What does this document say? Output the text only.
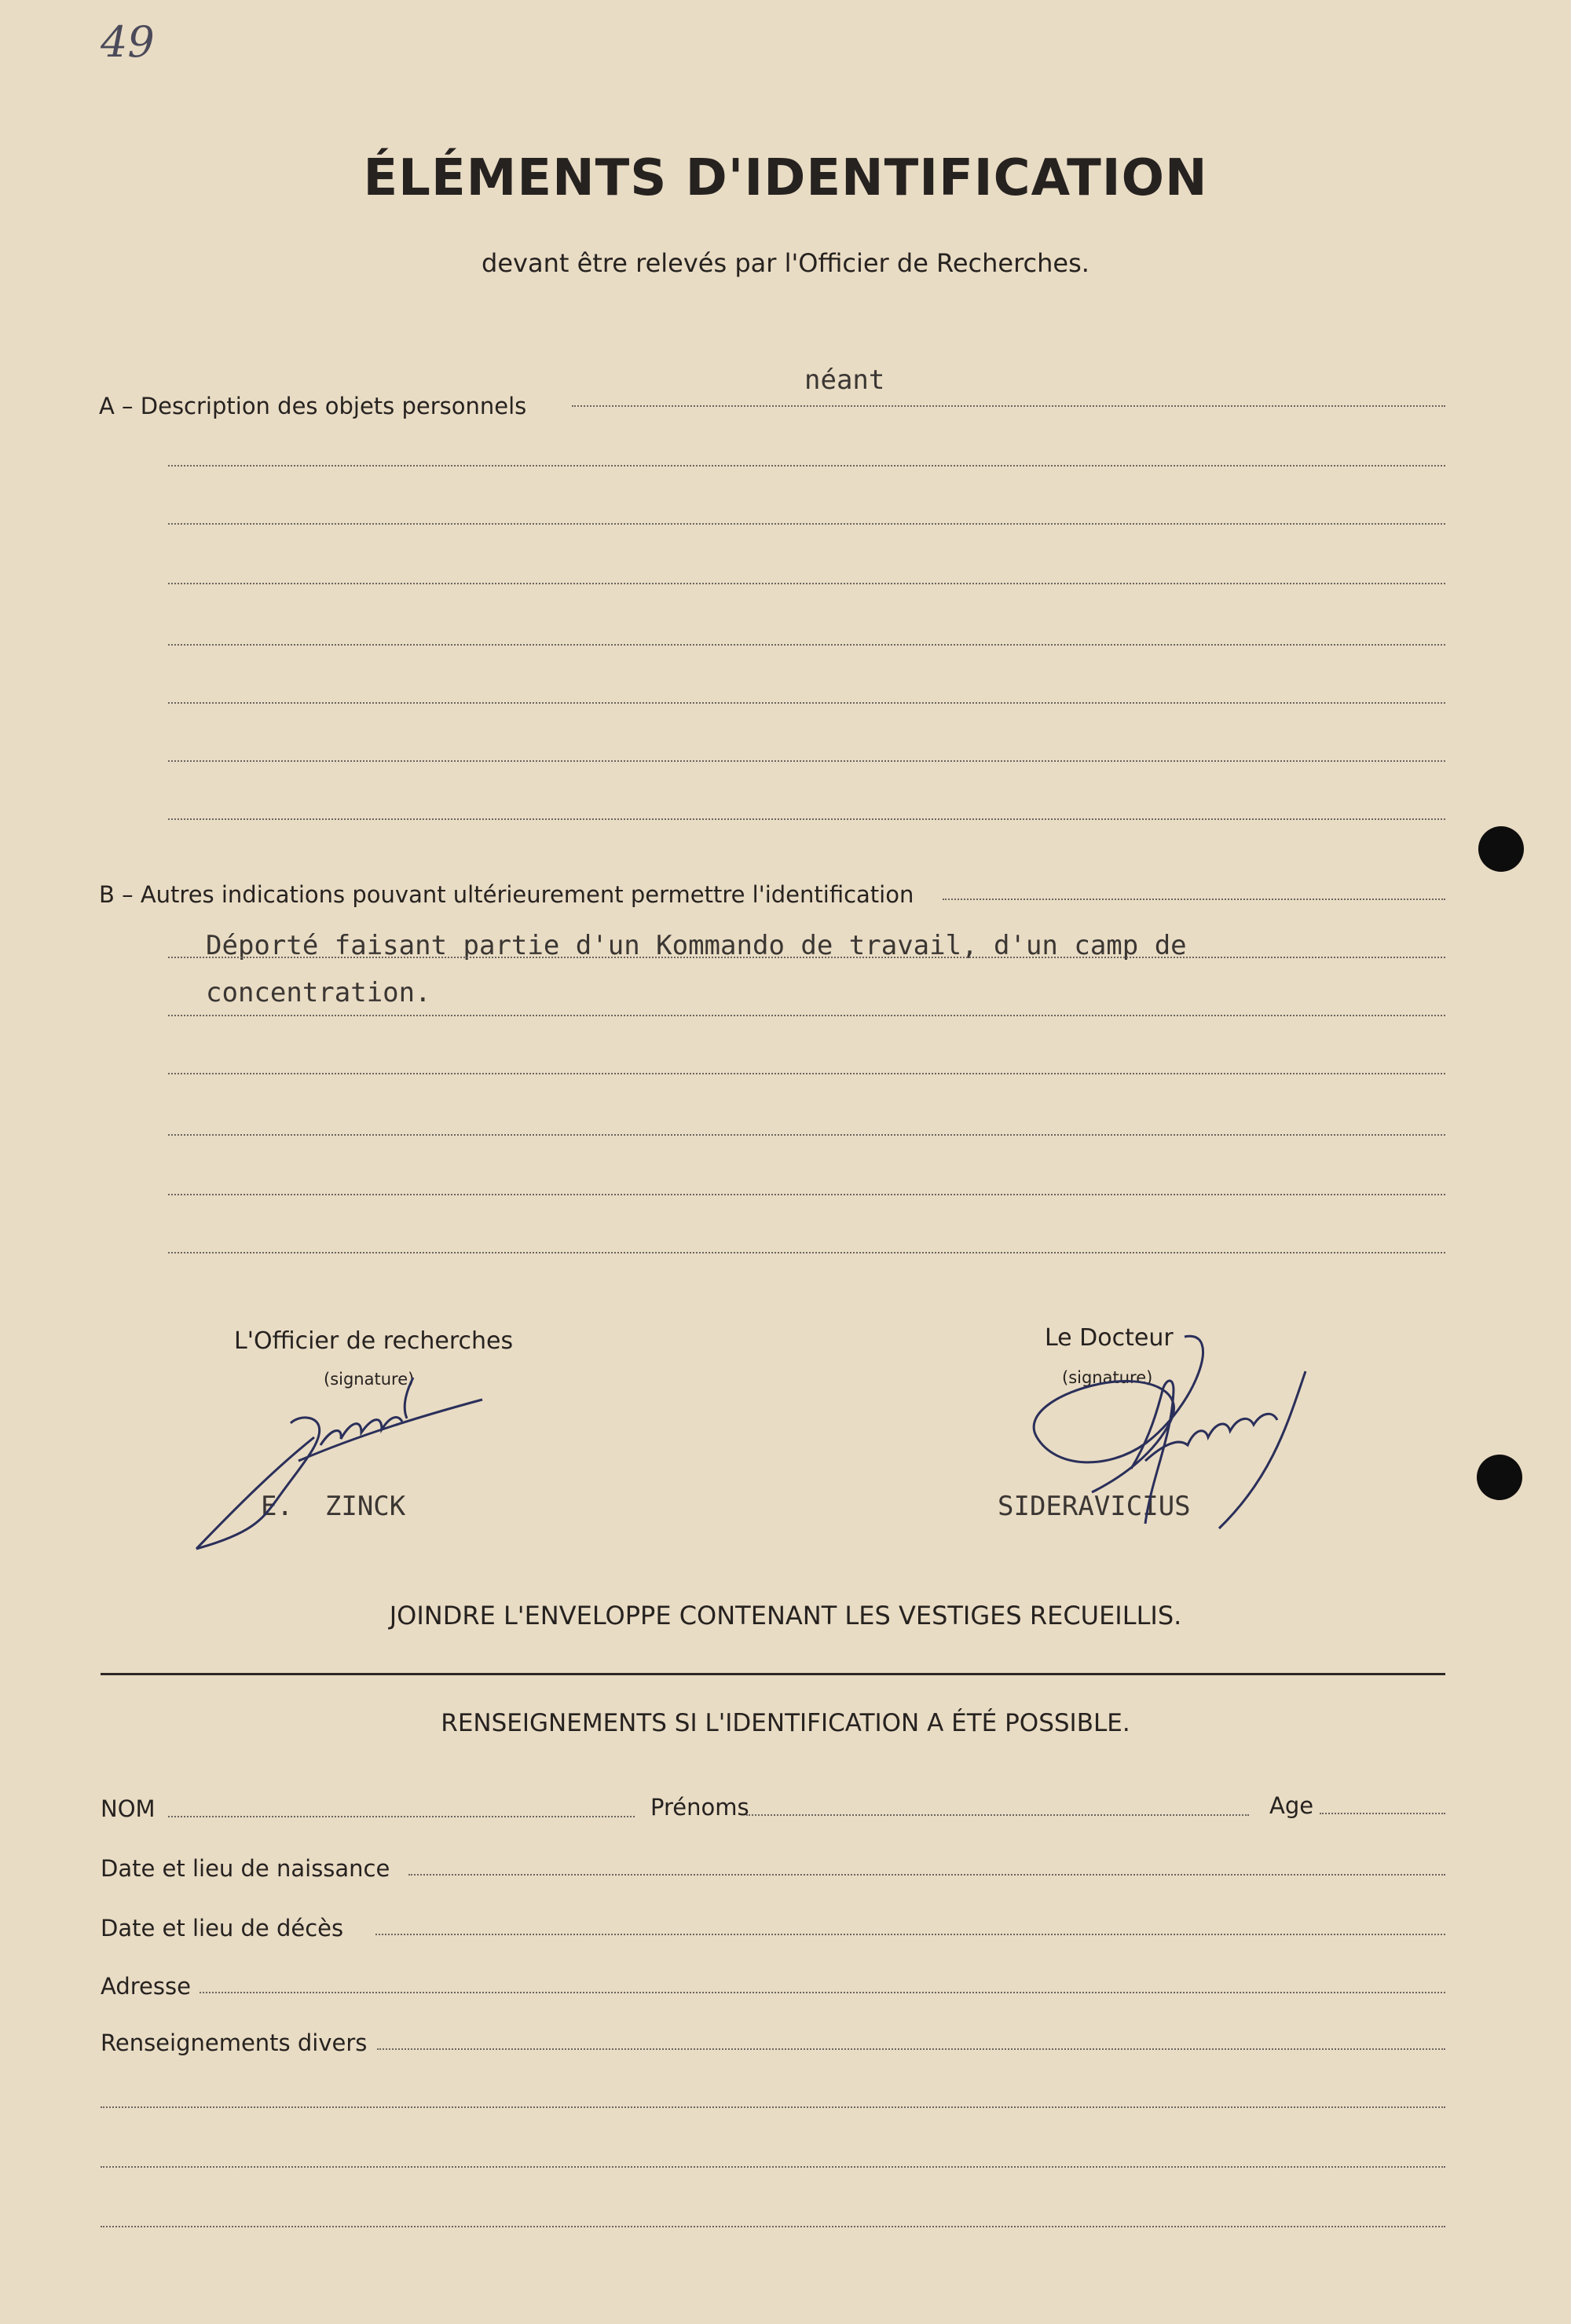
49
ÉLÉMENTS D'IDENTIFICATION
devant être relevés par l'Officier de Recherches.
A – Description des objets personnels
néant
B – Autres indications pouvant ultérieurement permettre l'identification
Déporté faisant partie d'un Kommando de travail, d'un camp de
concentration.
L'Officier de recherches
(signature)
E.  ZINCK
Le Docteur
(signature)
SIDERAVICIUS
JOINDRE L'ENVELOPPE CONTENANT LES VESTIGES RECUEILLIS.
RENSEIGNEMENTS SI L'IDENTIFICATION A ÉTÉ POSSIBLE.
NOM	Prénoms	Age
Date et lieu de naissance
Date et lieu de décès
Adresse
Renseignements divers
